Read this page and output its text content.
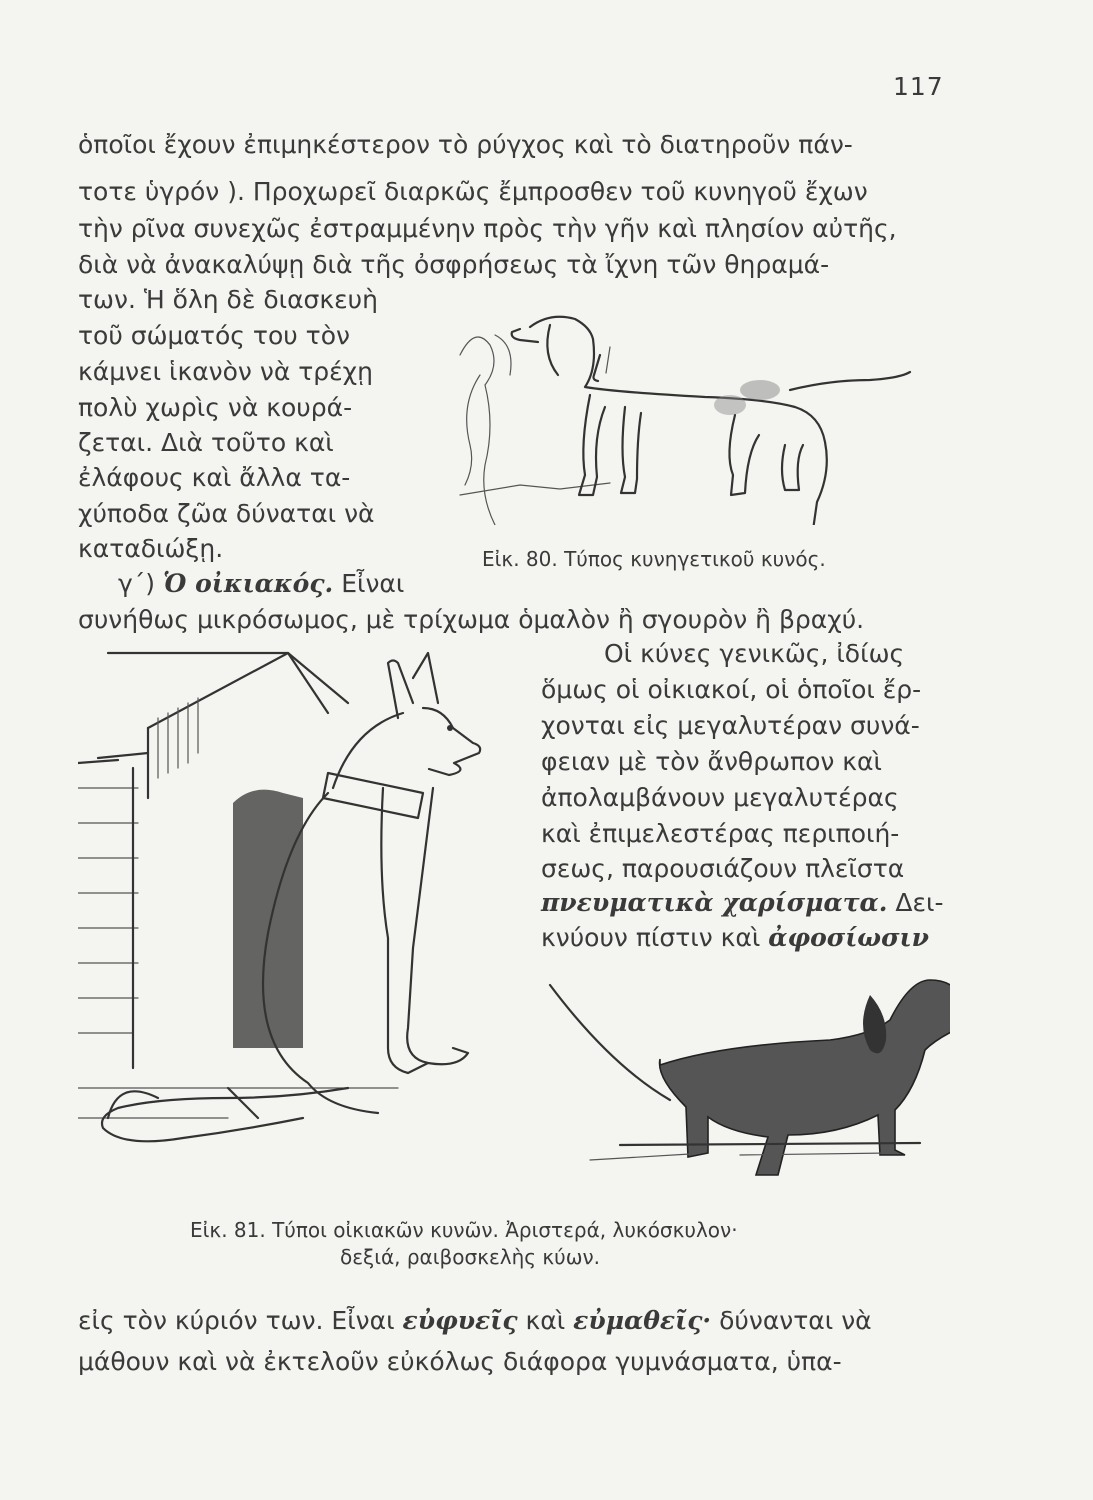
117
ὁποῖοι ἔχουν ἐπιμηκέστερον τὸ ρύγχος καὶ τὸ διατηροῦν πάν-
τοτε ὑγρόν ). Προχωρεῖ διαρκῶς ἔμπροσθεν τοῦ κυνηγοῦ ἔχων
τὴν ρῖνα συνεχῶς ἐστραμμένην πρὸς τὴν γῆν καὶ πλησίον αὐτῆς,
διὰ νὰ ἀνακαλύψῃ διὰ τῆς ὀσφρήσεως τὰ ἴχνη τῶν θηραμά-
των. Ἡ ὅλη δὲ διασκευὴ
τοῦ σώματός του τὸν
κάμνει ἱκανὸν νὰ τρέχῃ
πολὺ χωρὶς νὰ κουρά-
ζεται. Διὰ τοῦτο καὶ
ἐλάφους καὶ ἄλλα τα-
χύποδα ζῶα δύναται νὰ
καταδιώξῃ.
γ΄) Ὁ οἰκιακός. Εἶναι
συνήθως μικρόσωμος, μὲ τρίχωμα ὁμαλὸν ἢ σγουρὸν ἢ βραχύ.
Εἰκ. 80. Τύπος κυνηγετικοῦ κυνός.
Οἱ κύνες γενικῶς, ἰδίως
ὅμως οἱ οἰκιακοί, οἱ ὁποῖοι ἔρ-
χονται εἰς μεγαλυτέραν συνά-
φειαν μὲ τὸν ἄνθρωπον καὶ
ἀπολαμβάνουν μεγαλυτέρας
καὶ ἐπιμελεστέρας περιποιή-
σεως, παρουσιάζουν πλεῖστα
πνευματικὰ χαρίσματα. Δει-
κνύουν πίστιν καὶ ἀφοσίωσιν
Εἰκ. 81. Τύποι οἰκιακῶν κυνῶν. Ἀριστερά, λυκόσκυλον·
δεξιά, ραιβοσκελὴς κύων.
εἰς τὸν κύριόν των. Εἶναι εὐφυεῖς καὶ εὐμαθεῖς· δύνανται νὰ
μάθουν καὶ νὰ ἐκτελοῦν εὐκόλως διάφορα γυμνάσματα, ὑπα-
